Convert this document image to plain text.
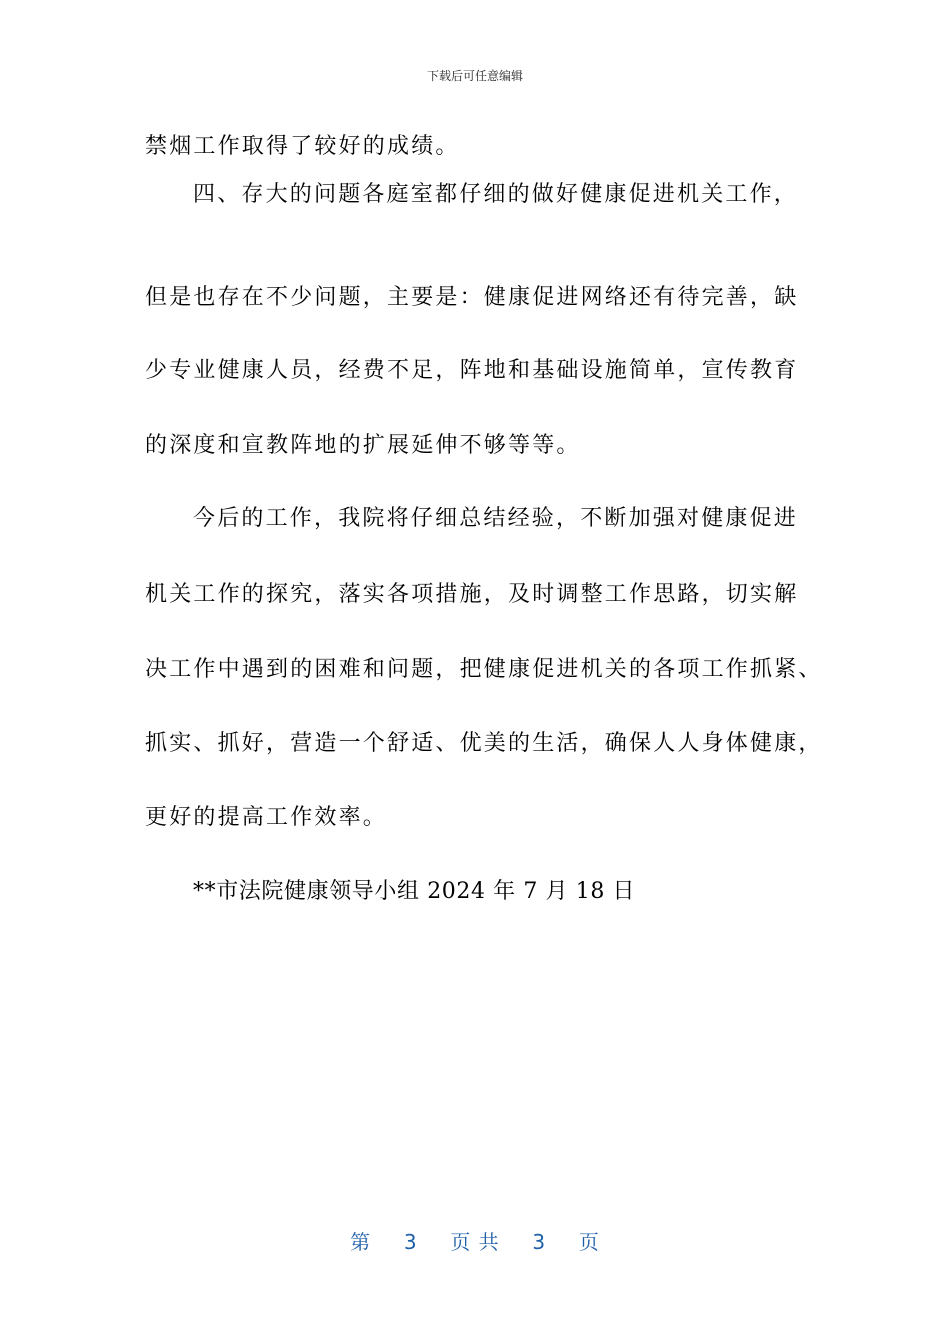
下载后可任意编辑
禁烟工作取得了较好的成绩。
四、存大的问题各庭室都仔细的做好健康促进机关工作，
但是也存在不少问题，主要是：健康促进网络还有待完善，缺
少专业健康人员，经费不足，阵地和基础设施简单，宣传教育
的深度和宣教阵地的扩展延伸不够等等。
今后的工作，我院将仔细总结经验，不断加强对健康促进
机关工作的探究，落实各项措施，及时调整工作思路，切实解
决工作中遇到的困难和问题，把健康促进机关的各项工作抓紧、
抓实、抓好，营造一个舒适、优美的生活，确保人人身体健康，
更好的提高工作效率。
**市法院健康领导小组 2024 年 7 月 18 日
第 3 页 共 3 页
